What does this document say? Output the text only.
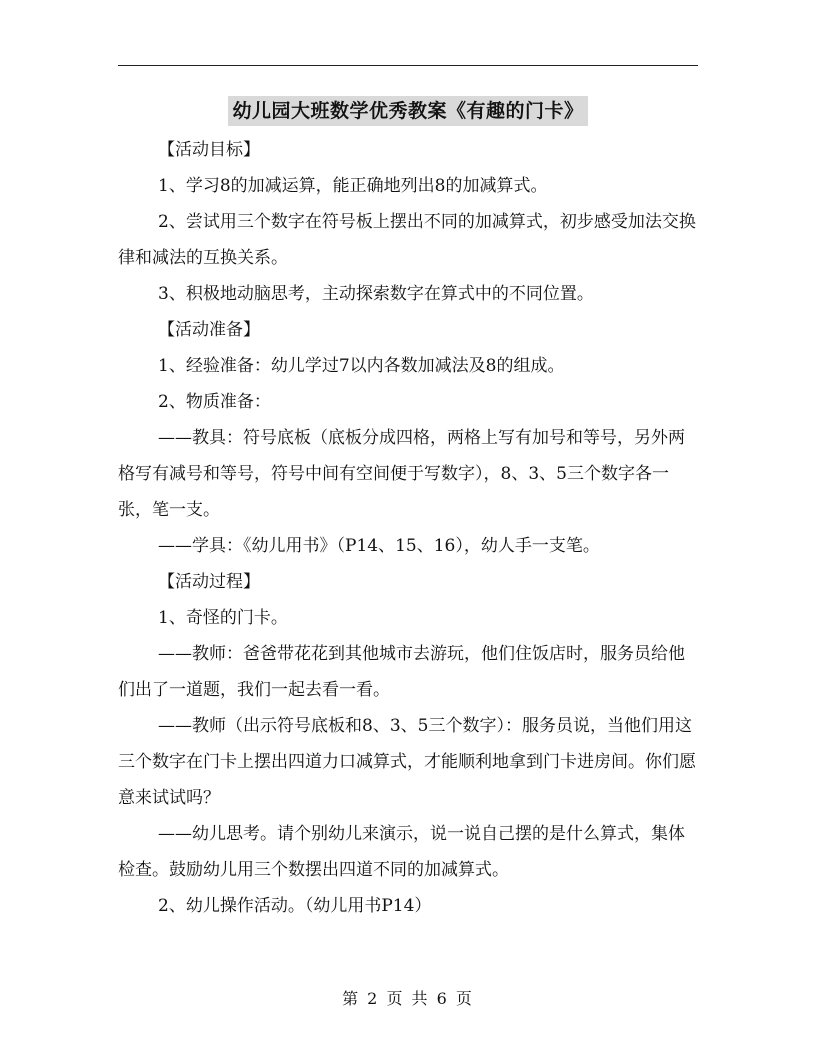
幼儿园大班数学优秀教案《有趣的门卡》

【活动目标】

1、学习8的加减运算，能正确地列出8的加减算式。

2、尝试用三个数字在符号板上摆出不同的加减算式，初步感受加法交换律和减法的互换关系。

3、积极地动脑思考，主动探索数字在算式中的不同位置。

【活动准备】

1、经验准备：幼儿学过7以内各数加减法及8的组成。

2、物质准备：

——教具：符号底板（底板分成四格，两格上写有加号和等号，另外两格写有减号和等号，符号中间有空间便于写数字），8、3、5三个数字各一张，笔一支。

——学具：《幼儿用书》（P14、15、16），幼人手一支笔。

【活动过程】

1、奇怪的门卡。

——教师：爸爸带花花到其他城市去游玩，他们住饭店时，服务员给他们出了一道题，我们一起去看一看。

——教师（出示符号底板和8、3、5三个数字）：服务员说，当他们用这三个数字在门卡上摆出四道力口减算式，才能顺利地拿到门卡进房间。你们愿意来试试吗？

——幼儿思考。请个别幼儿来演示，说一说自己摆的是什么算式，集体检查。鼓励幼儿用三个数摆出四道不同的加减算式。

2、幼儿操作活动。（幼儿用书P14）

第 2 页 共 6 页
